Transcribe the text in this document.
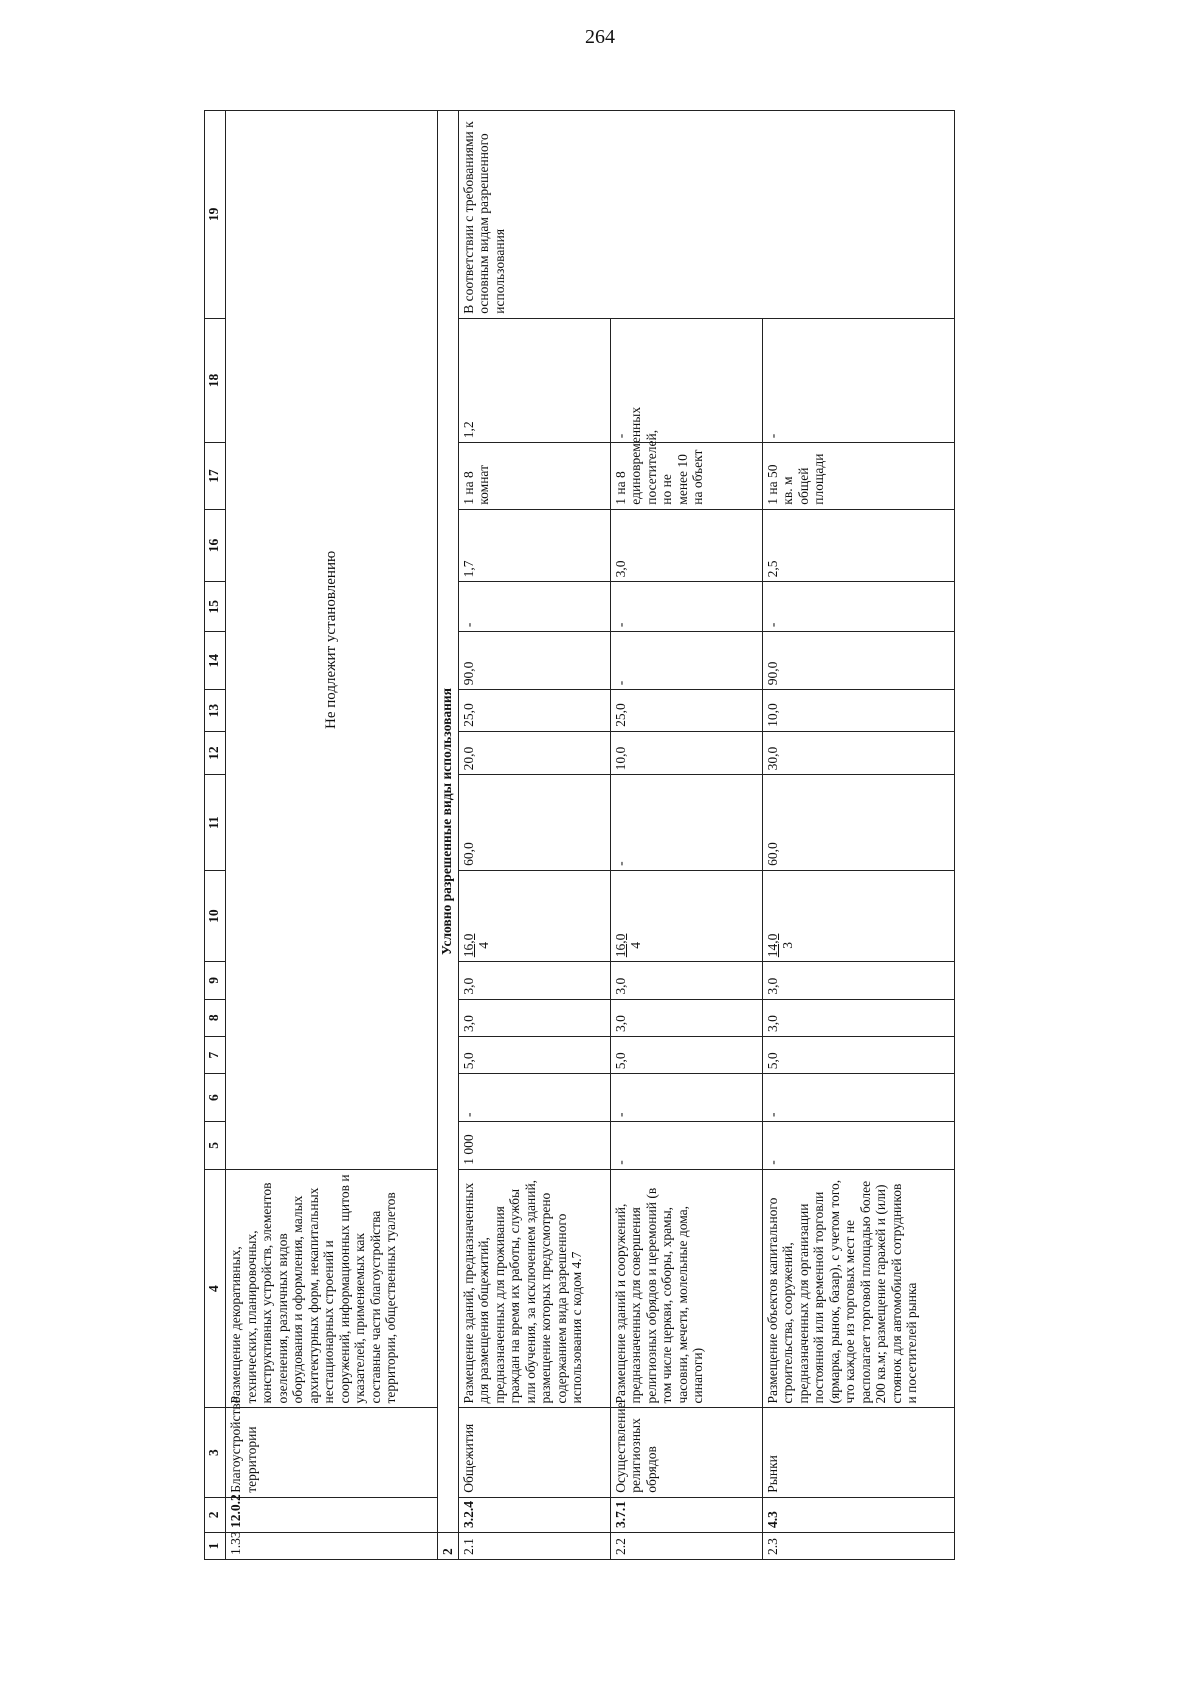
264
1	2	3	4	5	6	7	8	9	10	11	12	13	14	15	16	17	18	19
1.33	12.0.2	Благоустройство территории	Размещение декоративных, технических, планировочных, конструктивных устройств, элементов озеленения, различных видов оборудования и оформления, малых архитектурных форм, некапитальных нестационарных строений и сооружений, информационных щитов и указателей, применяемых как составные части благоустройства территории, общественных туалетов	Не подлежит установлению														
2	Условно разрешенные виды использования																	
2.1	3.2.4	Общежития	Размещение зданий, предназначенных для размещения общежитий, предназначенных для проживания граждан на время их работы, службы или обучения, за исключением зданий, размещение которых предусмотрено содержанием вида разрешенного использования с кодом 4.7	1 000	-	5,0	3,0	3,0	16,0 4	60,0	20,0	25,0	90,0	-	1,7	1 на 8 комнат	1,2	В соответствии с требованиями к основным видам разрешенного использования
2.2	3.7.1	Осуществление религиозных обрядов	Размещение зданий и сооружений, предназначенных для совершения религиозных обрядов и церемоний (в том числе церкви, соборы, храмы, часовни, мечети, молельные дома, синагоги)	-	-	5,0	3,0	3,0	16,0 4	-	10,0	25,0	-	-	3,0	1 на 8 единовременных посетителей, но не менее 10 на объект	-	
2.3	4.3	Рынки	Размещение объектов капитального строительства, сооружений, предназначенных для организации постоянной или временной торговли (ярмарка, рынок, базар), с учетом того, что каждое из торговых мест не располагает торговой площадью более 200 кв.м; размещение гаражей и (или) стоянок для автомобилей сотрудников и посетителей рынка	-	-	5,0	3,0	3,0	14,0 3	60,0	30,0	10,0	90,0	-	2,5	1 на 50 кв. м общей площади	-	
